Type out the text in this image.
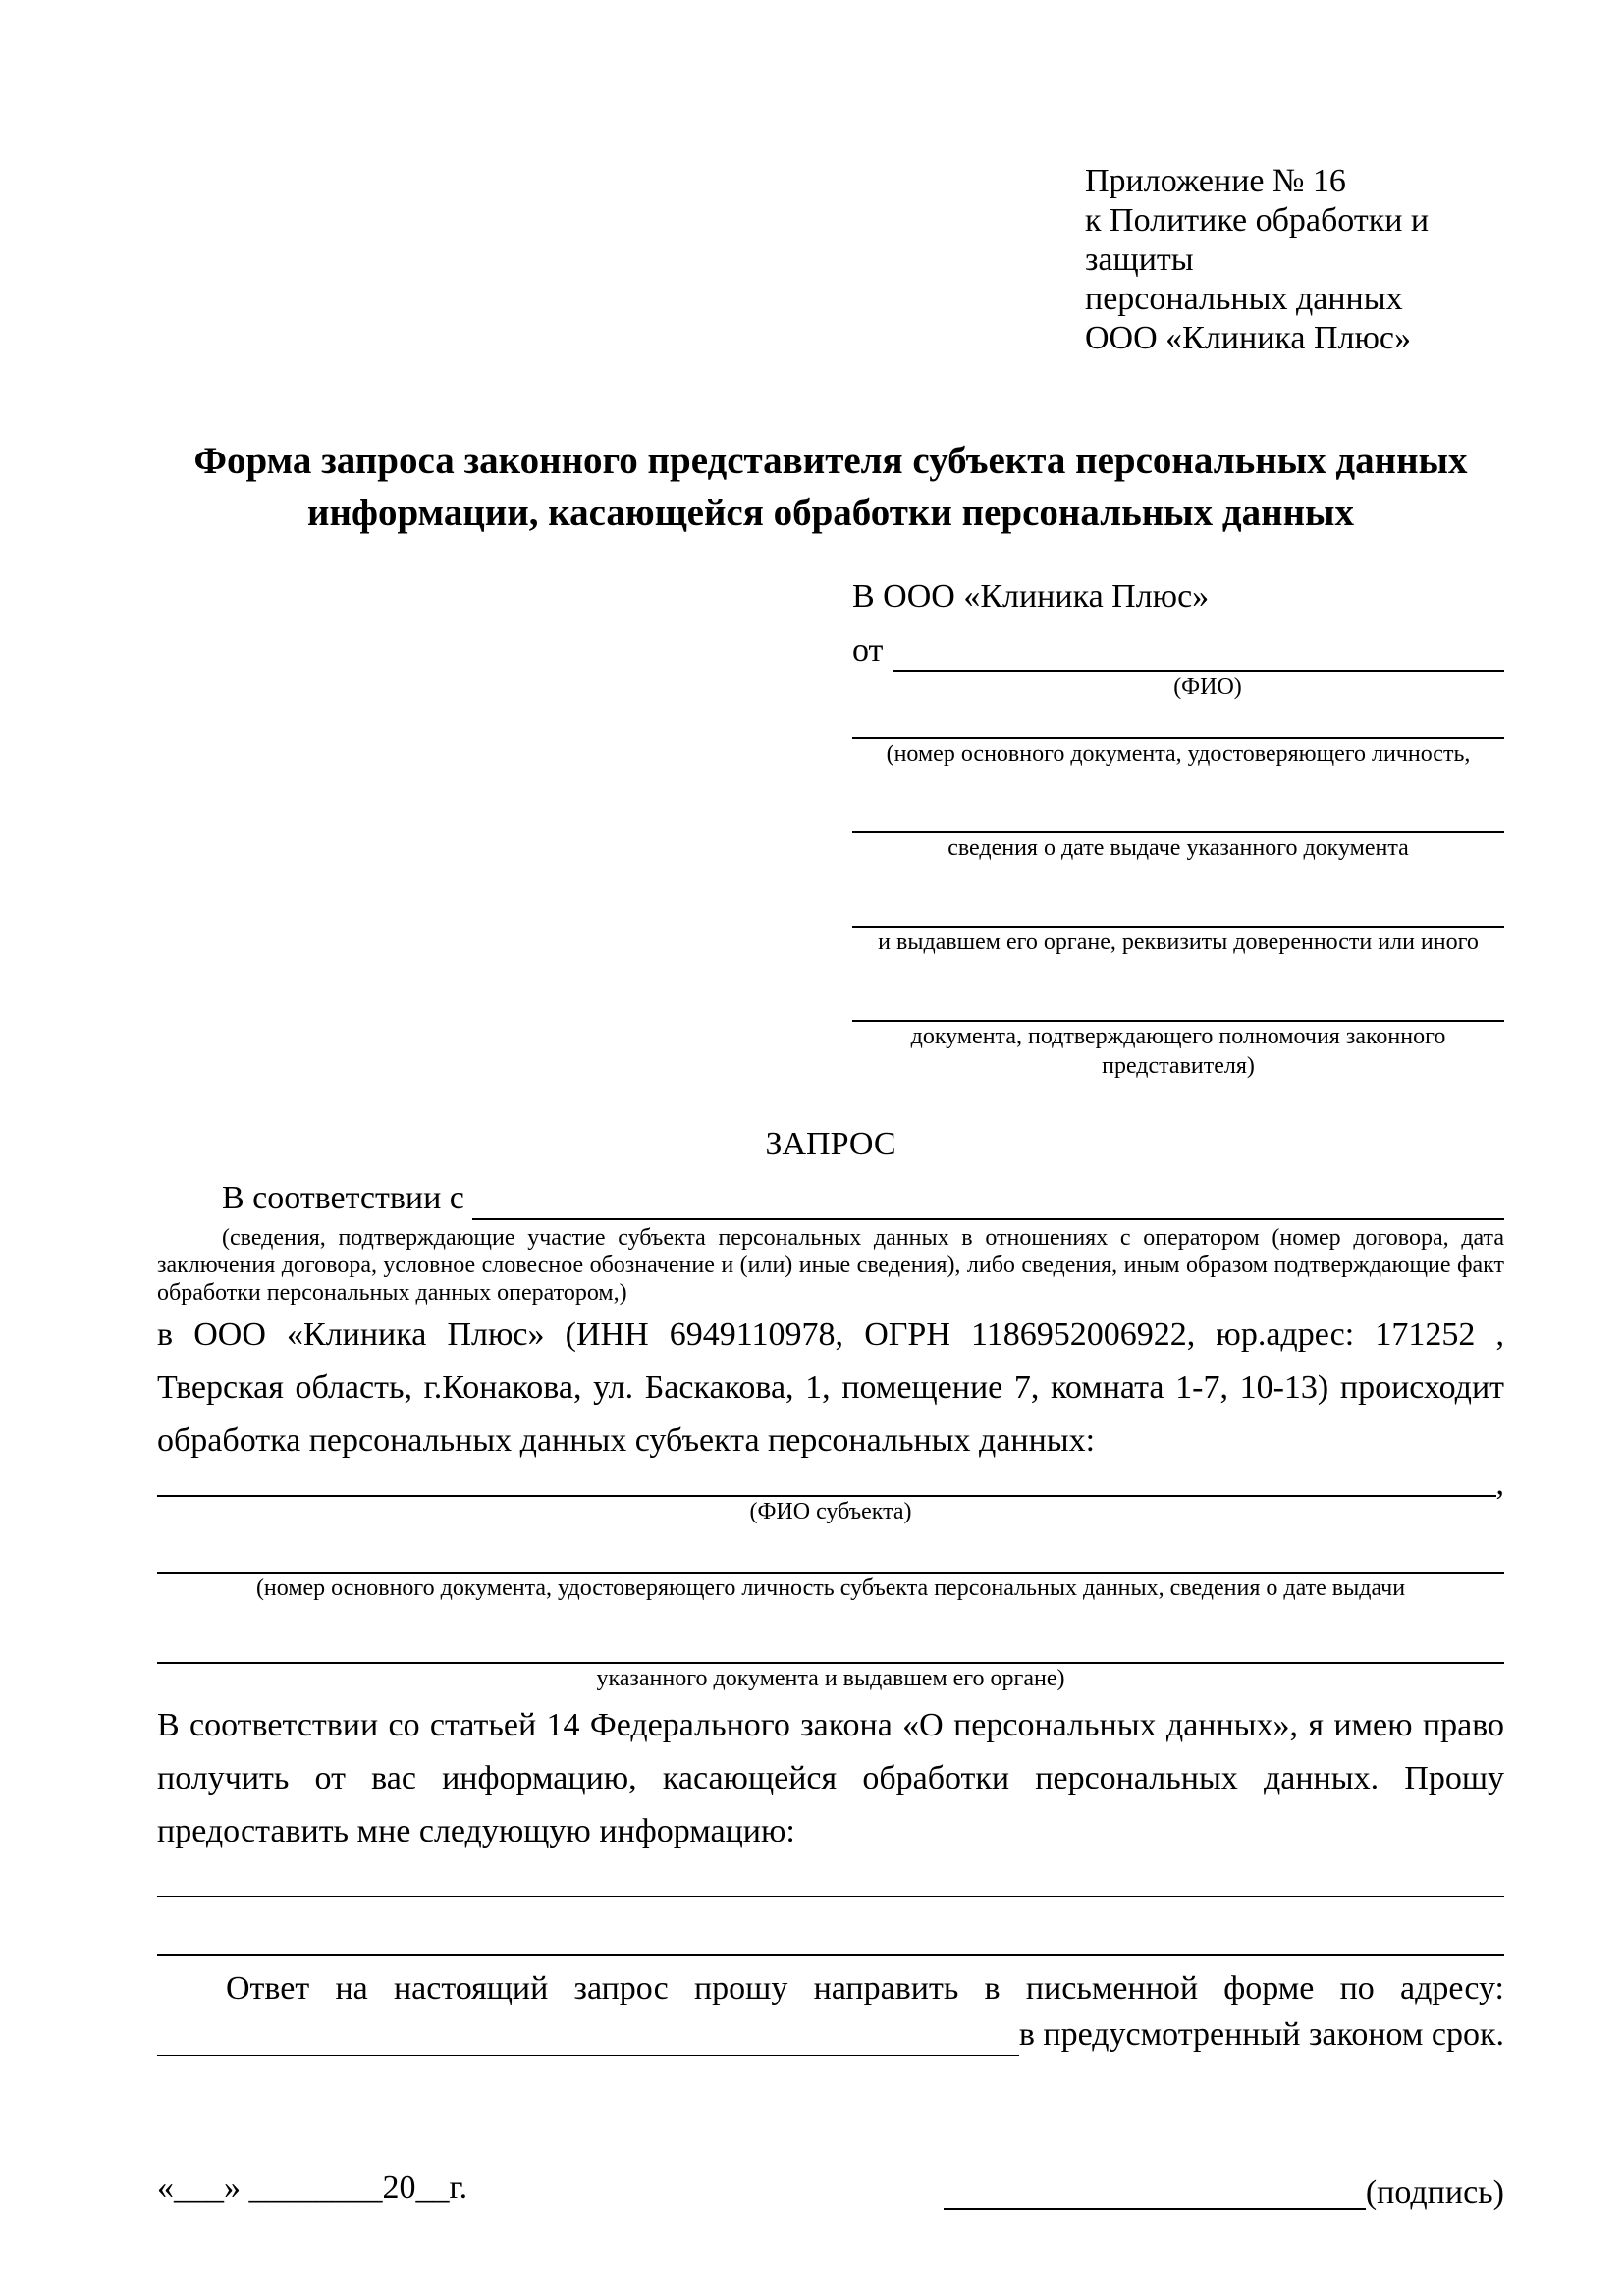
Приложение № 16
к Политике обработки и защиты
персональных данных
ООО «Клиника Плюс»
Форма запроса законного представителя субъекта персональных данных
информации, касающейся обработки персональных данных
В ООО «Клиника Плюс»
от
(ФИО)
(номер основного документа, удостоверяющего личность,
сведения о дате выдаче указанного документа
и выдавшем его органе, реквизиты доверенности или иного
документа, подтверждающего полномочия законного представителя)
ЗАПРОС
В соответствии с
(сведения, подтверждающие участие субъекта персональных данных в отношениях с оператором (номер договора, дата заключения договора, условное словесное обозначение и (или) иные сведения), либо сведения, иным образом подтверждающие факт обработки персональных данных оператором,)
в ООО «Клиника Плюс» (ИНН 6949110978, ОГРН 1186952006922, юр.адрес: 171252 , Тверская область, г.Конакова, ул. Баскакова, 1, помещение 7, комната 1-7, 10-13) происходит обработка персональных данных субъекта персональных данных:
,
(ФИО субъекта)
(номер основного документа, удостоверяющего личность субъекта персональных данных, сведения о дате выдачи
указанного документа и выдавшем его органе)
В соответствии со статьей 14 Федерального закона «О персональных данных», я имею право получить от вас информацию, касающейся обработки персональных данных. Прошу предоставить мне следующую информацию:
Ответ на настоящий запрос прошу направить в письменной форме по адресу:
в предусмотренный законом срок.
«___» ________20__г.	(подпись)
